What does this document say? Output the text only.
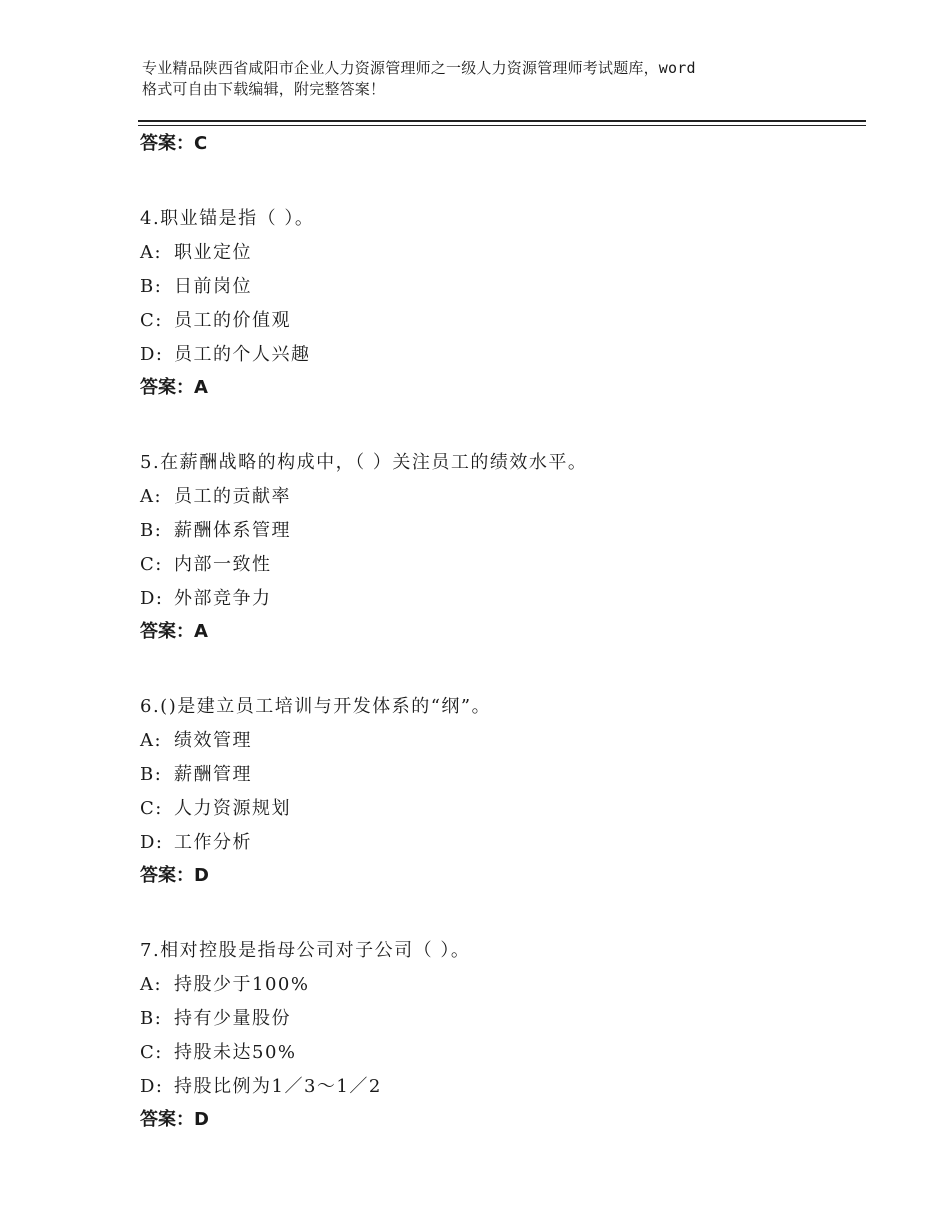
专业精品陕西省咸阳市企业人力资源管理师之一级人力资源管理师考试题库，word
格式可自由下载编辑，附完整答案！
答案：C
4.职业锚是指（ ）。
A: 职业定位
B: 日前岗位
C: 员工的价值观
D: 员工的个人兴趣
答案：A
5.在薪酬战略的构成中，（ ）关注员工的绩效水平。
A: 员工的贡献率
B: 薪酬体系管理
C: 内部一致性
D: 外部竞争力
答案：A
6.()是建立员工培训与开发体系的“纲”。
A: 绩效管理
B: 薪酬管理
C: 人力资源规划
D: 工作分析
答案：D
7.相对控股是指母公司对子公司（ ）。
A: 持股少于100%
B: 持有少量股份
C: 持股未达50%
D: 持股比例为1／3～1／2
答案：D
